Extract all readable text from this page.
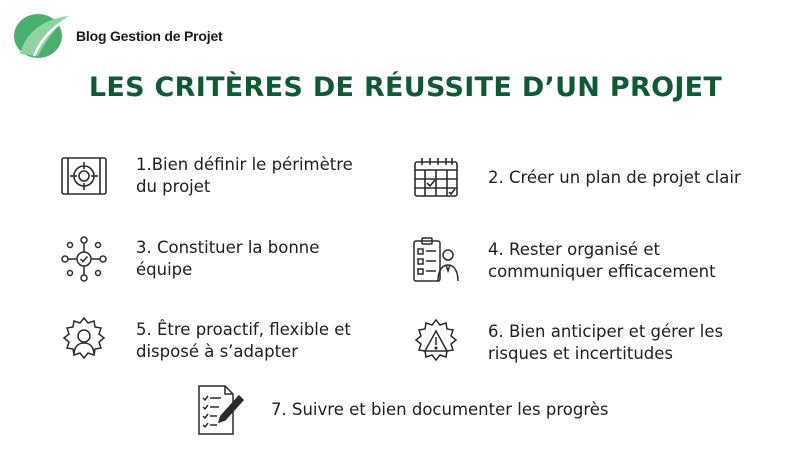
Blog Gestion de Projet
LES CRITÈRES DE RÉUSSITE D’UN PROJET
1.Bien définir le périmètre
du projet	2. Créer un plan de projet clair
3. Constituer la bonne
équipe
4. Rester organisé et
communiquer efficacement
5. Être proactif, flexible et
disposé à s’adapter
6. Bien anticiper et gérer les
risques et incertitudes
7. Suivre et bien documenter les progrès
